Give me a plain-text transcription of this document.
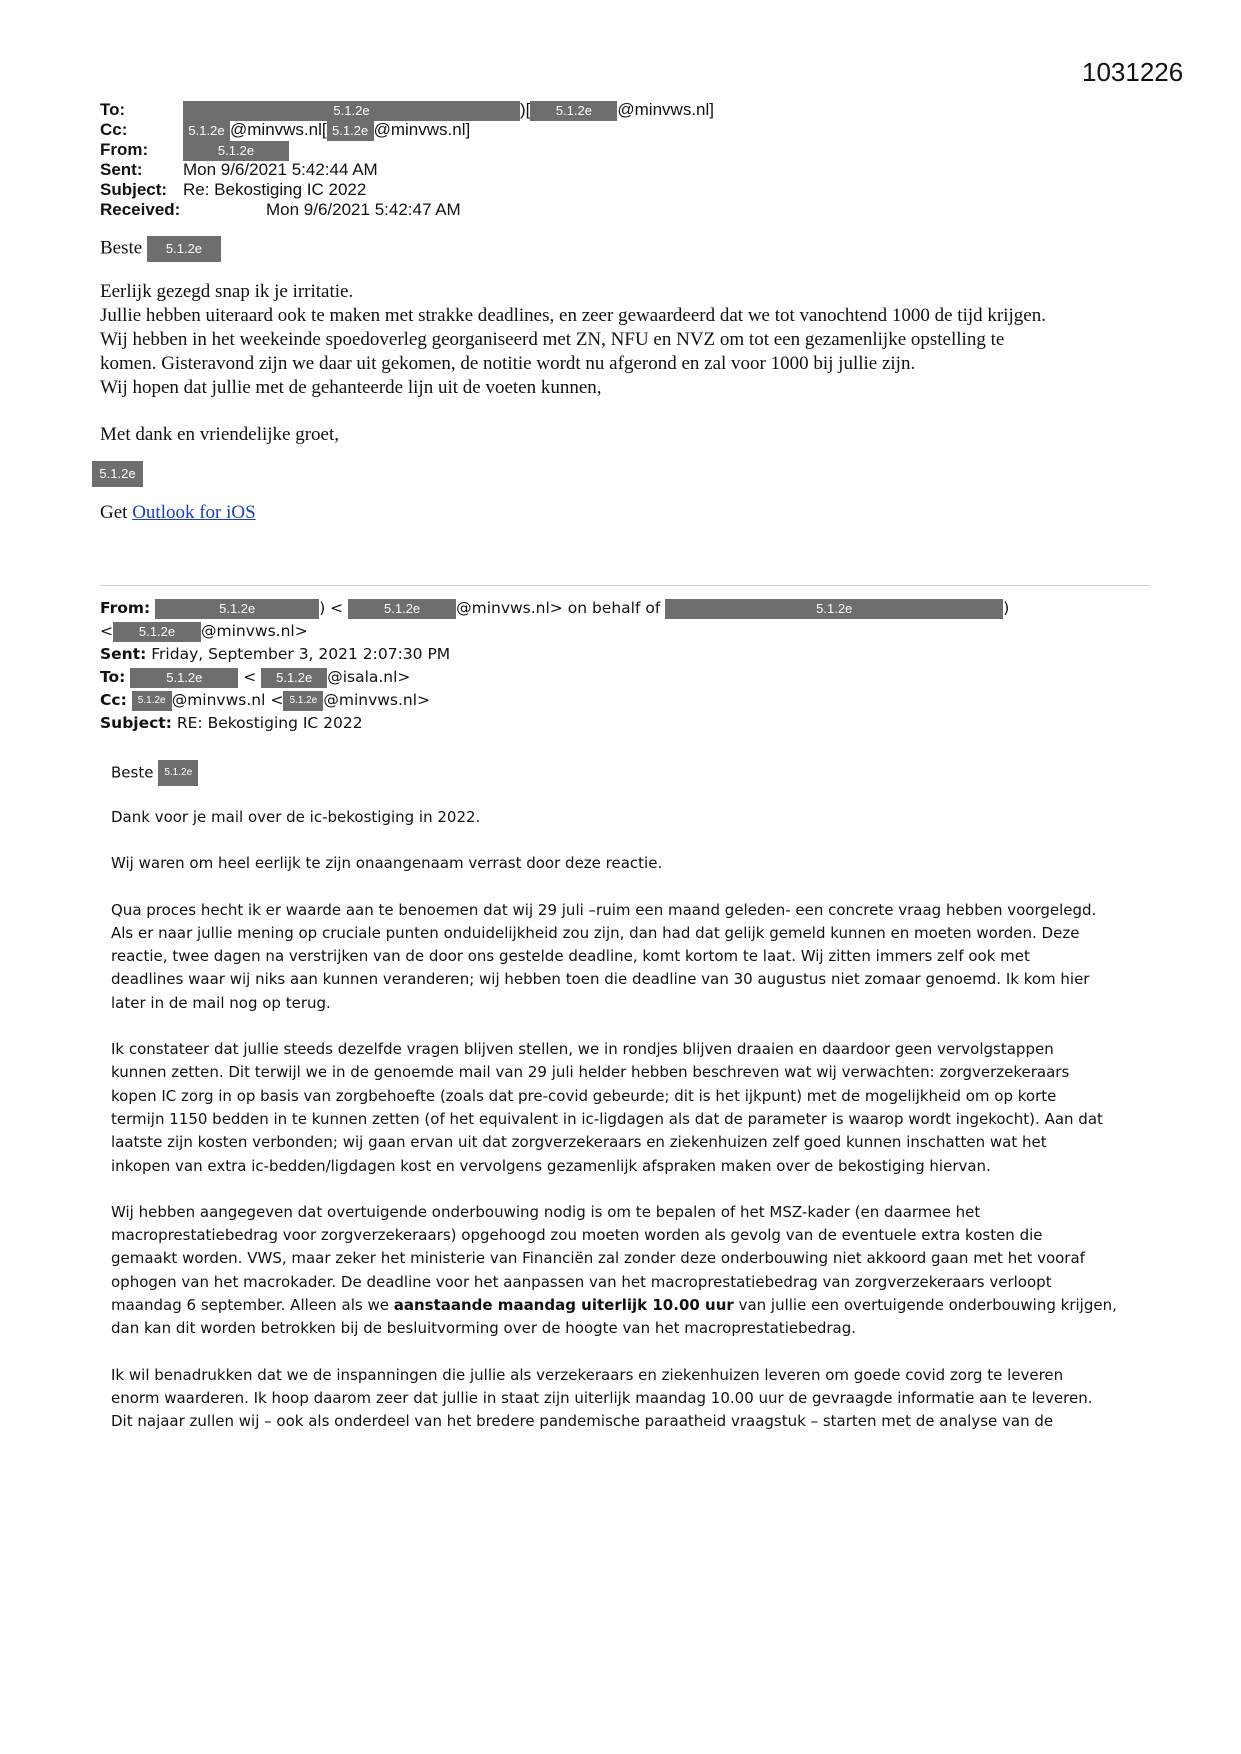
1031226
To:	5.1.2e	)[ 5.1.2e @minvws.nl]
Cc:	5.1.2e @minvws.nl[ 5.1.2e @minvws.nl]
From:	5.1.2e
Sent: Mon 9/6/2021 5:42:44 AM
Subject: Re: Bekostiging IC 2022
Received:	Mon 9/6/2021 5:42:47 AM

Beste 5.1.2e

Eerlijk gezegd snap ik je irritatie.

Jullie hebben uiteraard ook te maken met strakke deadlines, en zeer gewaardeerd dat we tot vanochtend 1000 de tijd krijgen.

Wij hebben in het weekeinde spoedoverleg georganiseerd met ZN, NFU en NVZ om tot een gezamenlijke opstelling te

komen. Gisteravond zijn we daar uit gekomen, de notitie wordt nu afgerond en zal voor 1000 bij jullie zijn.

Wij hopen dat jullie met de gehanteerde lijn uit de voeten kunnen,

Met dank en vriendelijke groet,

5.1.2e

Get Outlook for iOS

From:	5.1.2e	) <	5.1.2e @minvws.nl> on behalf of	5.1.2e	)
< 5.1.2e @minvws.nl>
Sent: Friday, September 3, 2021 2:07:30 PM
To:	5.1.2e	< 5.1.2e @isala.nl>
Cc: 5.1.2e @minvws.nl < 5.1.2e @minvws.nl>
Subject: RE: Bekostiging IC 2022

Beste 5.1.2e

Dank voor je mail over de ic-bekostiging in 2022.

Wij waren om heel eerlijk te zijn onaangenaam verrast door deze reactie.

Qua proces hecht ik er waarde aan te benoemen dat wij 29 juli –ruim een maand geleden- een concrete vraag hebben voorgelegd.

Als er naar jullie mening op cruciale punten onduidelijkheid zou zijn, dan had dat gelijk gemeld kunnen en moeten worden. Deze

reactie, twee dagen na verstrijken van de door ons gestelde deadline, komt kortom te laat. Wij zitten immers zelf ook met

deadlines waar wij niks aan kunnen veranderen; wij hebben toen die deadline van 30 augustus niet zomaar genoemd. Ik kom hier

later in de mail nog op terug.

Ik constateer dat jullie steeds dezelfde vragen blijven stellen, we in rondjes blijven draaien en daardoor geen vervolgstappen

kunnen zetten. Dit terwijl we in de genoemde mail van 29 juli helder hebben beschreven wat wij verwachten: zorgverzekeraars

kopen IC zorg in op basis van zorgbehoefte (zoals dat pre-covid gebeurde; dit is het ijkpunt) met de mogelijkheid om op korte

termijn 1150 bedden in te kunnen zetten (of het equivalent in ic-ligdagen als dat de parameter is waarop wordt ingekocht). Aan dat

laatste zijn kosten verbonden; wij gaan ervan uit dat zorgverzekeraars en ziekenhuizen zelf goed kunnen inschatten wat het

inkopen van extra ic-bedden/ligdagen kost en vervolgens gezamenlijk afspraken maken over de bekostiging hiervan.

Wij hebben aangegeven dat overtuigende onderbouwing nodig is om te bepalen of het MSZ-kader (en daarmee het

macroprestatiebedrag voor zorgverzekeraars) opgehoogd zou moeten worden als gevolg van de eventuele extra kosten die

gemaakt worden. VWS, maar zeker het ministerie van Financiën zal zonder deze onderbouwing niet akkoord gaan met het vooraf

ophogen van het macrokader. De deadline voor het aanpassen van het macroprestatiebedrag van zorgverzekeraars verloopt

maandag 6 september. Alleen als we aanstaande maandag uiterlijk 10.00 uur van jullie een overtuigende onderbouwing krijgen,

dan kan dit worden betrokken bij de besluitvorming over de hoogte van het macroprestatiebedrag.

Ik wil benadrukken dat we de inspanningen die jullie als verzekeraars en ziekenhuizen leveren om goede covid zorg te leveren

enorm waarderen. Ik hoop daarom zeer dat jullie in staat zijn uiterlijk maandag 10.00 uur de gevraagde informatie aan te leveren.

Dit najaar zullen wij – ook als onderdeel van het bredere pandemische paraatheid vraagstuk – starten met de analyse van de
